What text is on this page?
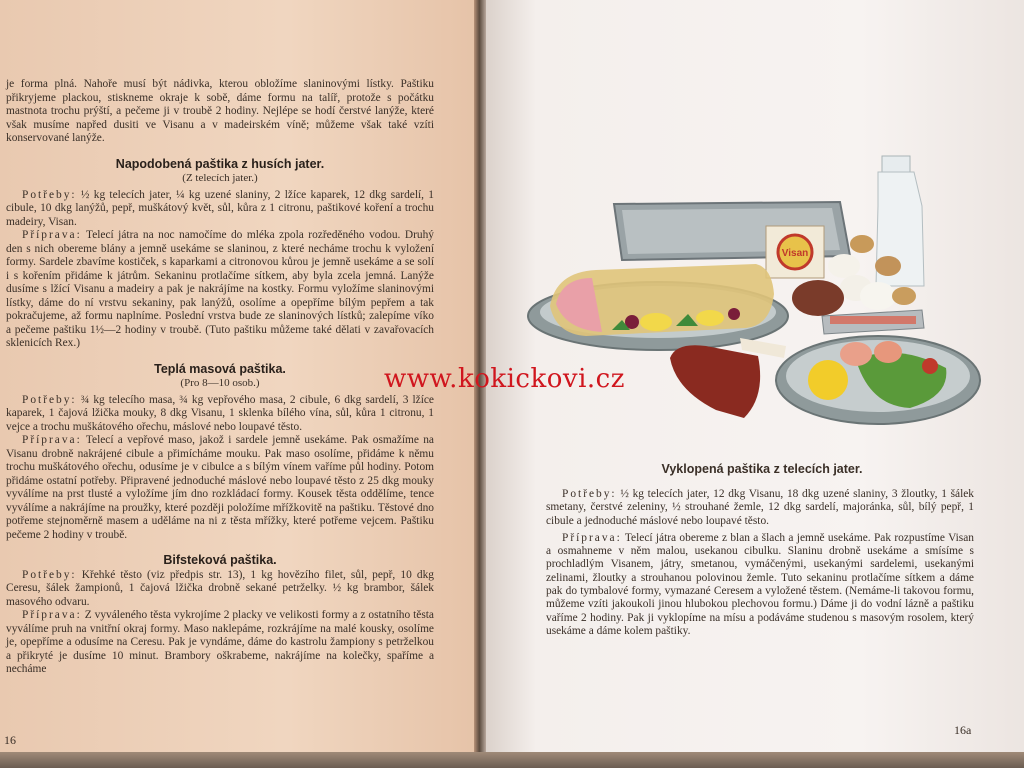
je forma plná. Nahoře musí být nádivka, kterou obložíme slaninovými lístky. Paštiku přikryjeme plackou, stiskneme okraje k sobě, dáme formu na talíř, protože s počátku mastnota trochu prýští, a pečeme ji v troubě 2 hodiny. Nejlépe se hodí čerstvé lanýže, které však musíme napřed dusiti ve Visanu a v madeirském víně; můžeme však také vzíti konservované lanýže.

Napodobená paštika z husích jater.
(Z telecích jater.)

Potřeby: ½ kg telecích jater, ¼ kg uzené slaniny, 2 lžíce kaparek, 12 dkg sardelí, 1 cibule, 10 dkg lanýžů, pepř, muškátový květ, sůl, kůra z 1 citronu, paštikové koření a trochu madeiry, Visan.

Příprava: Telecí játra na noc namočíme do mléka zpola rozředěného vodou. Druhý den s nich obereme blány a jemně usekáme se slaninou, z které necháme trochu k vyložení formy. Sardele zbavíme kostiček, s kaparkami a citronovou kůrou je jemně usekáme a se solí i s kořením přidáme k játrům. Sekaninu protlačíme sítkem, aby byla zcela jemná. Lanýže dusíme s lžící Visanu a madeiry a pak je nakrájíme na kostky. Formu vyložíme slaninovými lístky, dáme do ní vrstvu sekaniny, pak lanýžů, osolíme a opepříme bílým pepřem a tak pokračujeme, až formu naplníme. Poslední vrstva bude ze slaninových lístků; zalepíme víko a pečeme paštiku 1½—2 hodiny v troubě. (Tuto paštiku můžeme také dělati v zavařovacích sklenicích Rex.)

Teplá masová paštika.
(Pro 8—10 osob.)

Potřeby: ¾ kg telecího masa, ¾ kg vepřového masa, 2 cibule, 6 dkg sardelí, 3 lžíce kaparek, 1 čajová lžička mouky, 8 dkg Visanu, 1 sklenka bílého vína, sůl, kůra 1 citronu, 1 vejce a trochu muškátového ořechu, máslové nebo loupavé těsto.

Příprava: Telecí a vepřové maso, jakož i sardele jemně usekáme. Pak osmažíme na Visanu drobně nakrájené cibule a přimícháme mouku. Pak maso osolíme, přidáme k němu trochu muškátového ořechu, odusíme je v cibulce a s bílým vínem vaříme půl hodiny. Potom přidáme ostatní potřeby. Připravené jednoduché máslové nebo loupavé těsto z 25 dkg mouky vyválíme na prst tlusté a vyložíme jím dno rozkládací formy. Kousek těsta oddělíme, tence vyválíme a nakrájíme na proužky, které později položíme mřížkovitě na paštiku. Těstové dno potřeme stejnoměrně masem a uděláme na ni z těsta mřížky, které potřeme vejcem. Paštiku pečeme 2 hodiny v troubě.

Bifsteková paštika.

Potřeby: Křehké těsto (viz předpis str. 13), 1 kg hovězího filet, sůl, pepř, 10 dkg Ceresu, šálek žampionů, 1 čajová lžička drobně sekané petrželky. ½ kg brambor, šálek masového odvaru.

Příprava: Z vyváleného těsta vykrojíme 2 placky ve velikosti formy a z ostatního těsta vyválíme pruh na vnitřní okraj formy. Maso naklepáme, rozkrájíme na malé kousky, osolíme je, opepříme a odusíme na Ceresu. Pak je vyndáme, dáme do kastrolu žampiony s petrželkou a přikryté je dusíme 10 minut. Brambory oškrabeme, nakrájíme na kolečky, spaříme a necháme

16
Visan
Vyklopená paštika z telecích jater.

Potřeby: ½ kg telecích jater, 12 dkg Visanu, 18 dkg uzené slaniny, 3 žloutky, 1 šálek smetany, čerstvé zeleniny, ½ strouhané žemle, 12 dkg sardelí, majoránka, sůl, bílý pepř, 1 cibule a jednoduché máslové nebo loupavé těsto.

Příprava: Telecí játra obereme z blan a šlach a jemně usekáme. Pak rozpustíme Visan a osmahneme v něm malou, usekanou cibulku. Slaninu drobně usekáme a smísíme s prochladlým Visanem, játry, smetanou, vymáčenými, usekanými sardelemi, usekanými zelinami, žloutky a strouhanou polovinou žemle. Tuto sekaninu protlačíme sítkem a dáme pak do tymbalové formy, vymazané Ceresem a vyložené těstem. (Nemáme-li takovou formu, můžeme vzíti jakoukoli jinou hlubokou plechovou formu.) Dáme ji do vodní lázně a paštiku vaříme 2 hodiny. Pak ji vyklopíme na mísu a podáváme studenou s masovým rosolem, který usekáme a dáme kolem paštiky.

16a
www.kokickovi.cz
